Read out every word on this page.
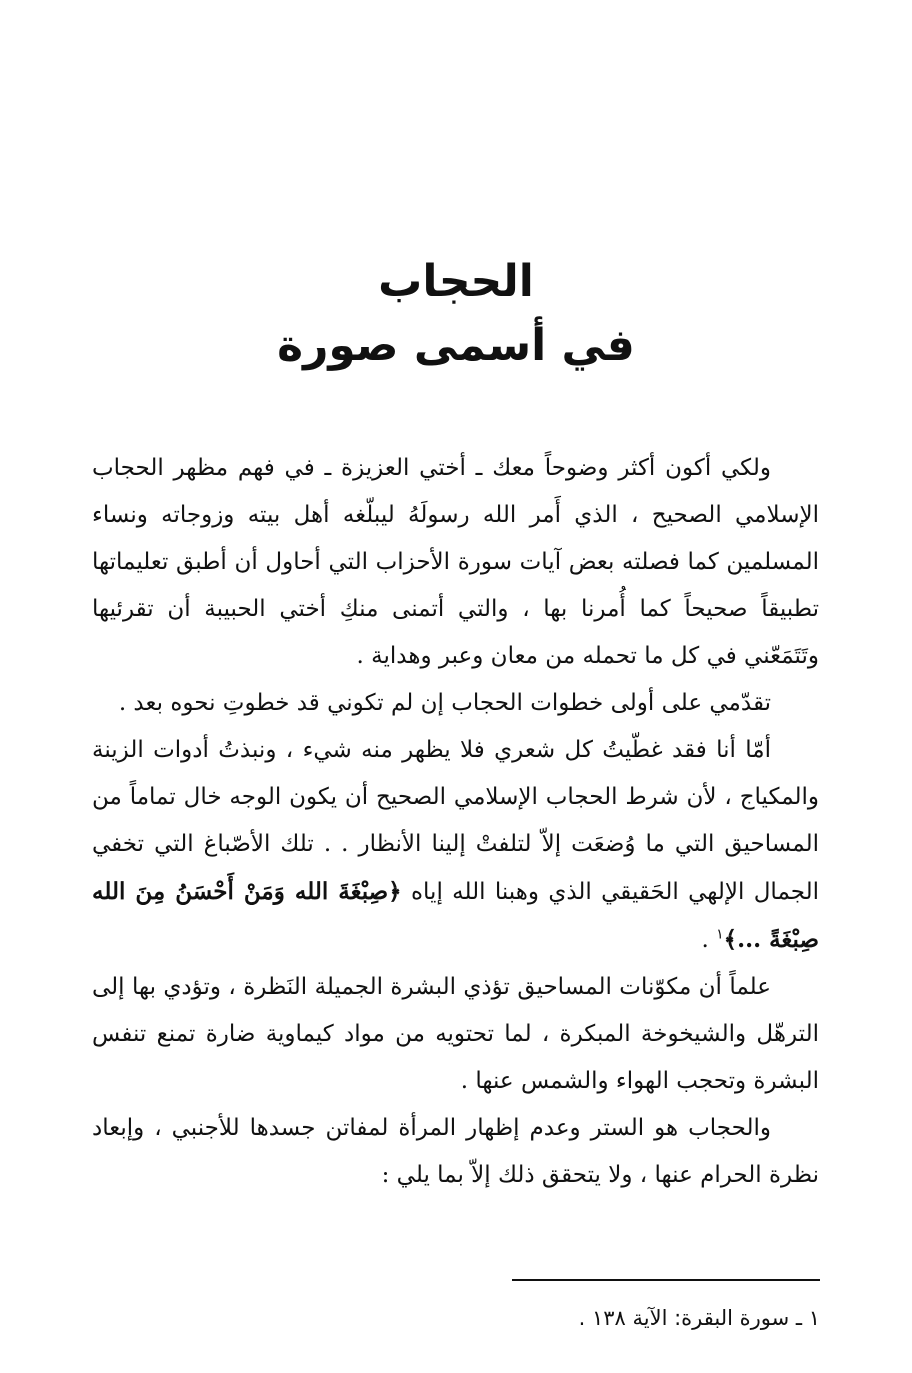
الحجاب

في أسمى صورة

ولكي أكون أكثر وضوحاً معك ـ أختي العزيزة ـ في فهم مظهر الحجاب الإسلامي الصحيح ، الذي أَمر الله رسولَهُ ليبلّغه أهل بيته وزوجاته ونساء المسلمين كما فصلته بعض آيات سورة الأحزاب التي أحاول أن أطبق تعليماتها تطبيقاً صحيحاً كما أُمرنا بها ، والتي أتمنى منكِ أختي الحبيبة أن تقرئيها وتَتَمَعّني في كل ما تحمله من معان وعبر وهداية .

تقدّمي على أولى خطوات الحجاب إن لم تكوني قد خطوتِ نحوه بعد .

أمّا أنا فقد غطّيتُ كل شعري فلا يظهر منه شيء ، ونبذتُ أدوات الزينة والمكياج ، لأن شرط الحجاب الإسلامي الصحيح أن يكون الوجه خال تماماً من المساحيق التي ما وُضعَت إلاّ لتلفتْ إلينا الأنظار . . تلك الأصّباغ التي تخفي الجمال الإلهي الحَقيقي الذي وهبنا الله إياه ﴿صِبْغَةَ الله وَمَنْ أَحْسَنُ مِنَ الله صِبْغَةً ...﴾$^١$ .

علماً أن مكوّنات المساحيق تؤذي البشرة الجميلة النَظرة ، وتؤدي بها إلى الترهّل والشيخوخة المبكرة ، لما تحتويه من مواد كيماوية ضارة تمنع تنفس البشرة وتحجب الهواء والشمس عنها .

والحجاب هو الستر وعدم إظهار المرأة لمفاتن جسدها للأجنبي ، وإبعاد نظرة الحرام عنها ، ولا يتحقق ذلك إلاّ بما يلي :

١ ـ سورة البقرة: الآية ١٣٨ .
